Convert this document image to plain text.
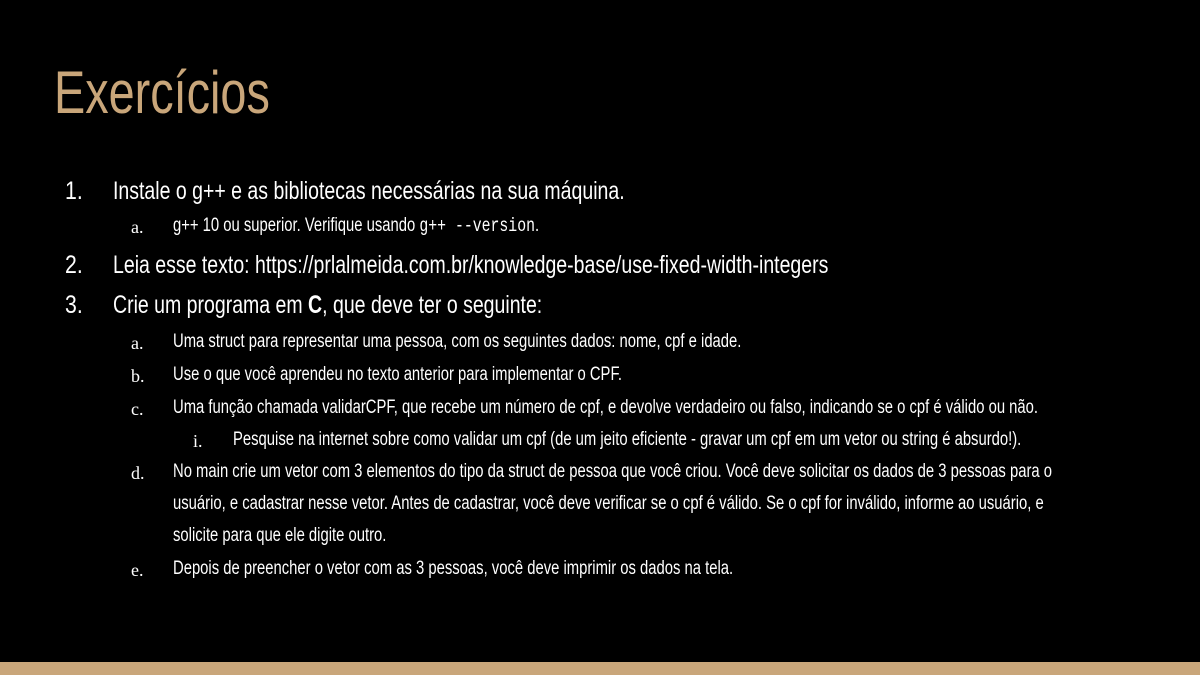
Exercícios
1. Instale o g++ e as bibliotecas necessárias na sua máquina.
a. g++ 10 ou superior. Verifique usando g++ --version.
2. Leia esse texto: https://prlalmeida.com.br/knowledge-base/use-fixed-width-integers
3. Crie um programa em C, que deve ter o seguinte:
a. Uma struct para representar uma pessoa, com os seguintes dados: nome, cpf e idade.
b. Use o que você aprendeu no texto anterior para implementar o CPF.
c. Uma função chamada validarCPF, que recebe um número de cpf, e devolve verdadeiro ou falso, indicando se o cpf é válido ou não.
i. Pesquise na internet sobre como validar um cpf (de um jeito eficiente - gravar um cpf em um vetor ou string é absurdo!).
d. No main crie um vetor com 3 elementos do tipo da struct de pessoa que você criou. Você deve solicitar os dados de 3 pessoas para o
usuário, e cadastrar nesse vetor. Antes de cadastrar, você deve verificar se o cpf é válido. Se o cpf for inválido, informe ao usuário, e
solicite para que ele digite outro.
e. Depois de preencher o vetor com as 3 pessoas, você deve imprimir os dados na tela.
